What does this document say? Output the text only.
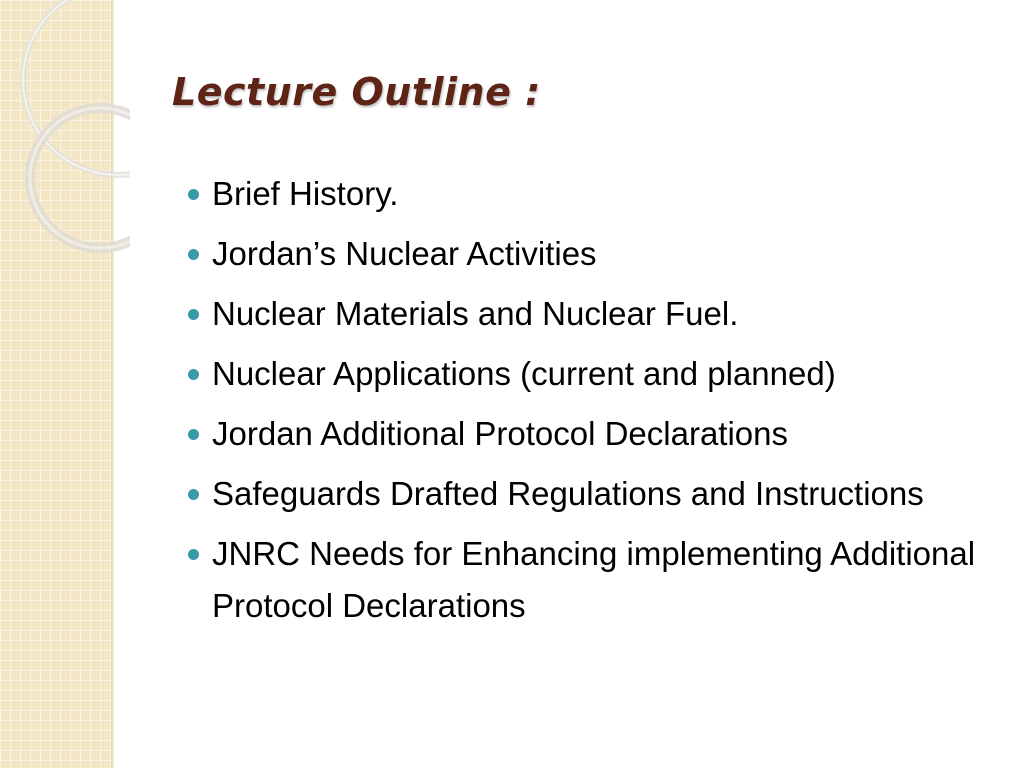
Lecture Outline :
Brief History.
Jordan’s Nuclear Activities
Nuclear Materials and Nuclear Fuel.
Nuclear Applications (current and planned)
Jordan Additional Protocol Declarations
Safeguards Drafted Regulations and Instructions
JNRC Needs for Enhancing implementing Additional Protocol Declarations
